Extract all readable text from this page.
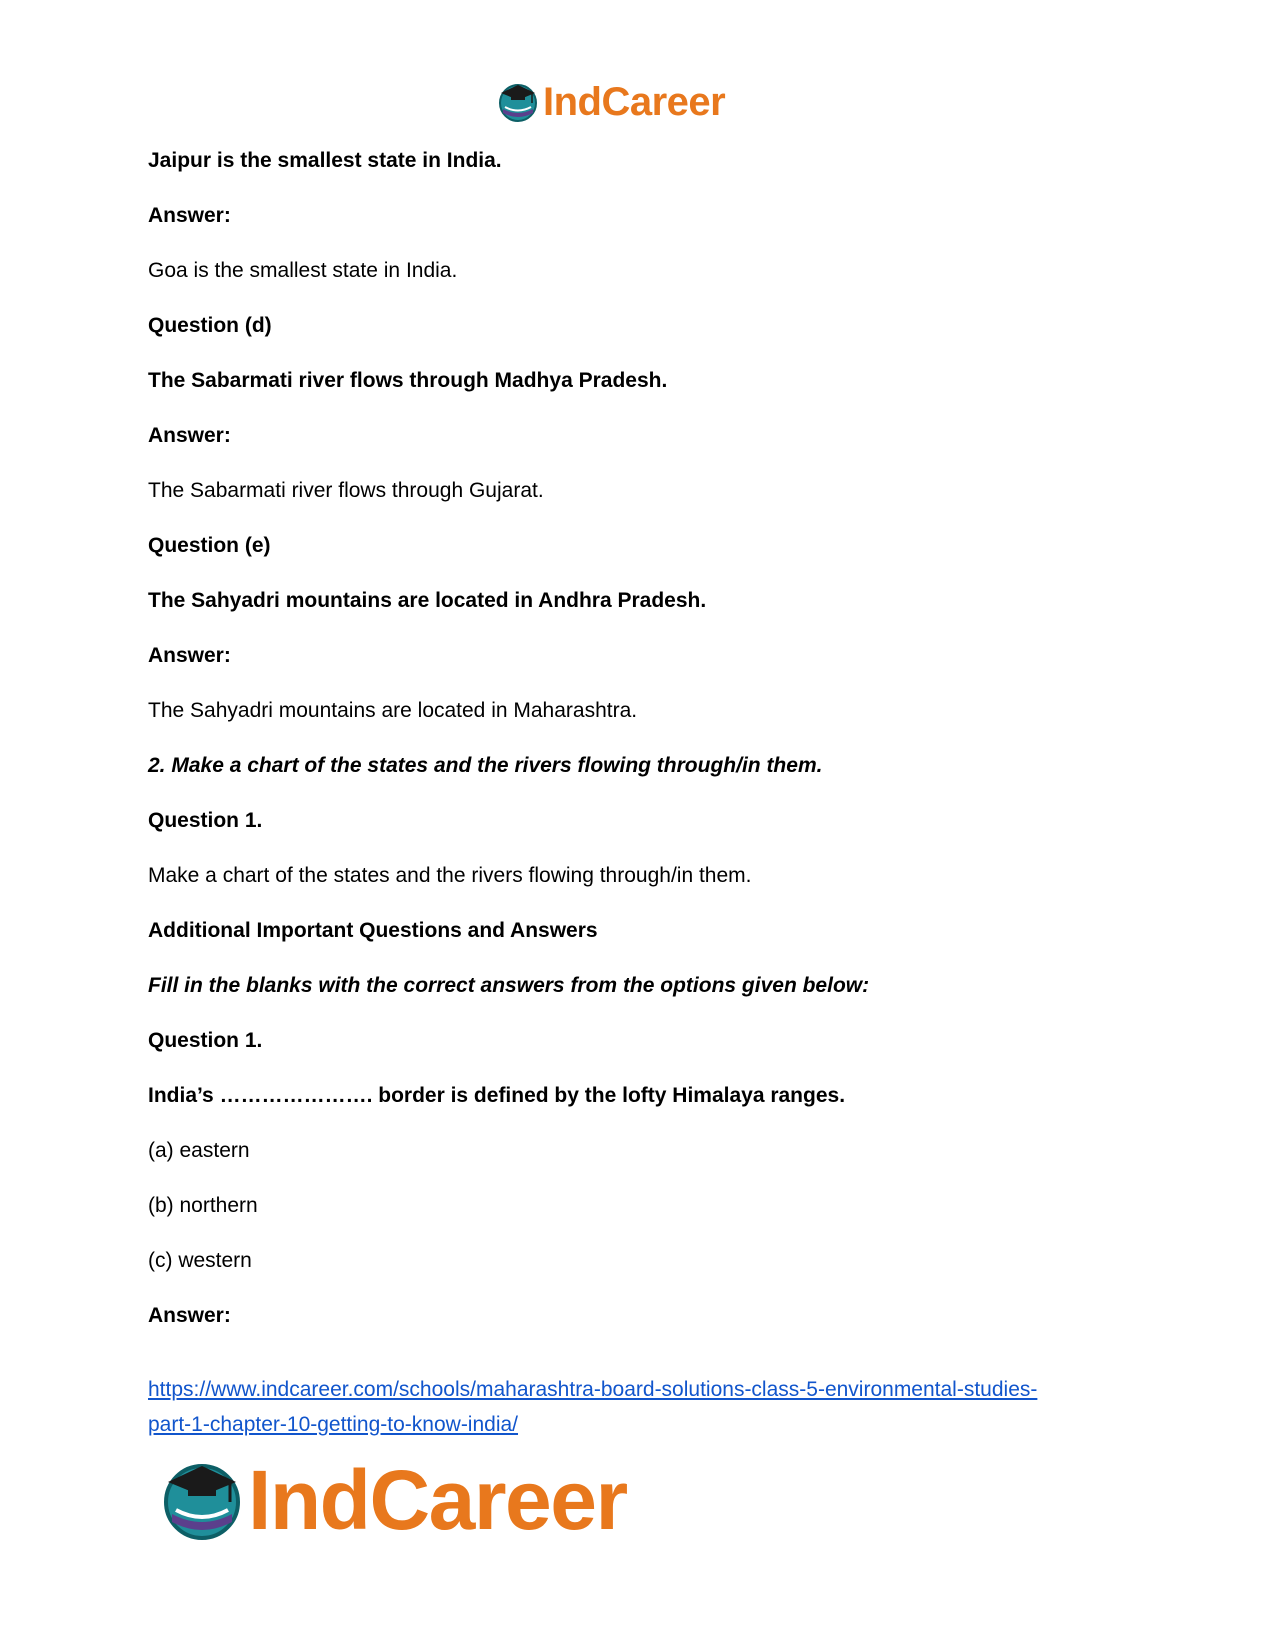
IndCareer
Jaipur is the smallest state in India.
Answer:
Goa is the smallest state in India.
Question (d)
The Sabarmati river flows through Madhya Pradesh.
Answer:
The Sabarmati river flows through Gujarat.
Question (e)
The Sahyadri mountains are located in Andhra Pradesh.
Answer:
The Sahyadri mountains are located in Maharashtra.
2. Make a chart of the states and the rivers flowing through/in them.
Question 1.
Make a chart of the states and the rivers flowing through/in them.
Additional Important Questions and Answers
Fill in the blanks with the correct answers from the options given below:
Question 1.
India’s …………………. border is defined by the lofty Himalaya ranges.
(a) eastern
(b) northern
(c) western
Answer:
https://www.indcareer.com/schools/maharashtra-board-solutions-class-5-environmental-studies-
part-1-chapter-10-getting-to-know-india/
IndCareer
